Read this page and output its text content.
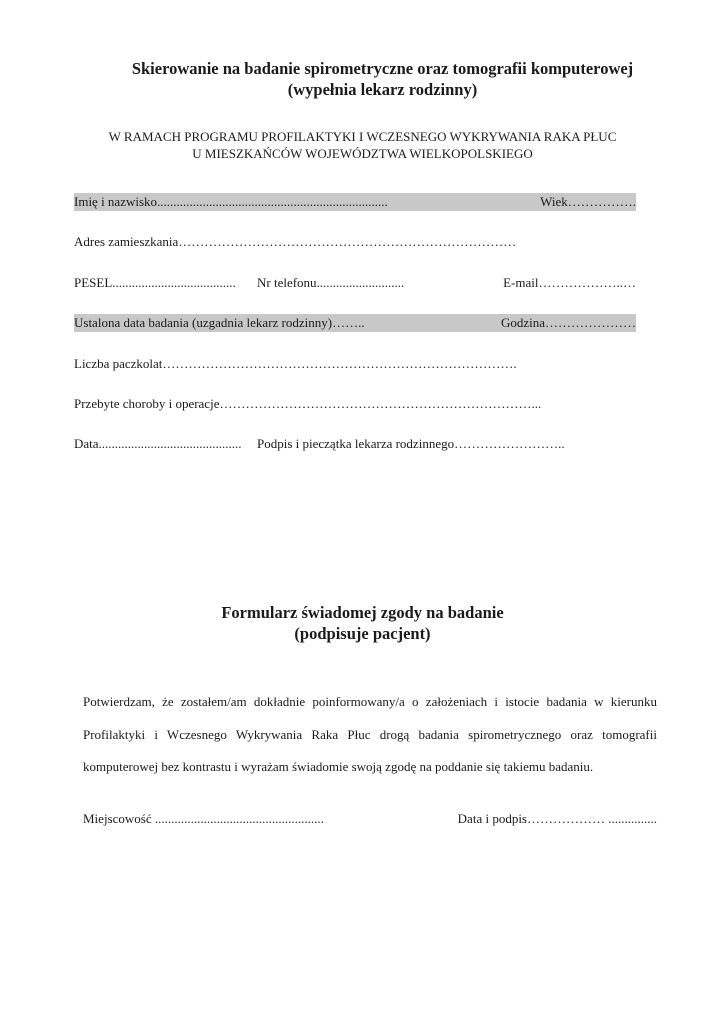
Skierowanie na badanie spirometryczne oraz tomografii komputerowej
(wypełnia lekarz rodzinny)
W RAMACH PROGRAMU PROFILAKTYKI I WCZESNEGO WYKRYWANIA RAKA PŁUC
U MIESZKAŃCÓW WOJEWÓDZTWA WIELKOPOLSKIEGO
Imię i nazwisko.......................................................................	Wiek…………….
Adres zamieszkania……………………………………………………………………
PESEL...................................... Nr telefonu...........................	E-mail………………..…
Ustalona data badania (uzgadnia lekarz rodzinny)……..	Godzina…………………
Liczba paczkolat……………………………………………………………………….
Przebyte choroby i operacje………………………………………………………………...
Data............................................ Podpis i pieczątka lekarza rodzinnego……………………..
Formularz świadomej zgody na badanie
(podpisuje pacjent)
Potwierdzam, że zostałem/am dokładnie poinformowany/a o założeniach i istocie badania w kierunku Profilaktyki i Wczesnego Wykrywania Raka Płuc drogą badania spirometrycznego oraz tomografii komputerowej bez kontrastu i wyrażam świadomie swoją zgodę na poddanie się takiemu badaniu.
Miejscowość ....................................................	Data i podpis……………… ...............
